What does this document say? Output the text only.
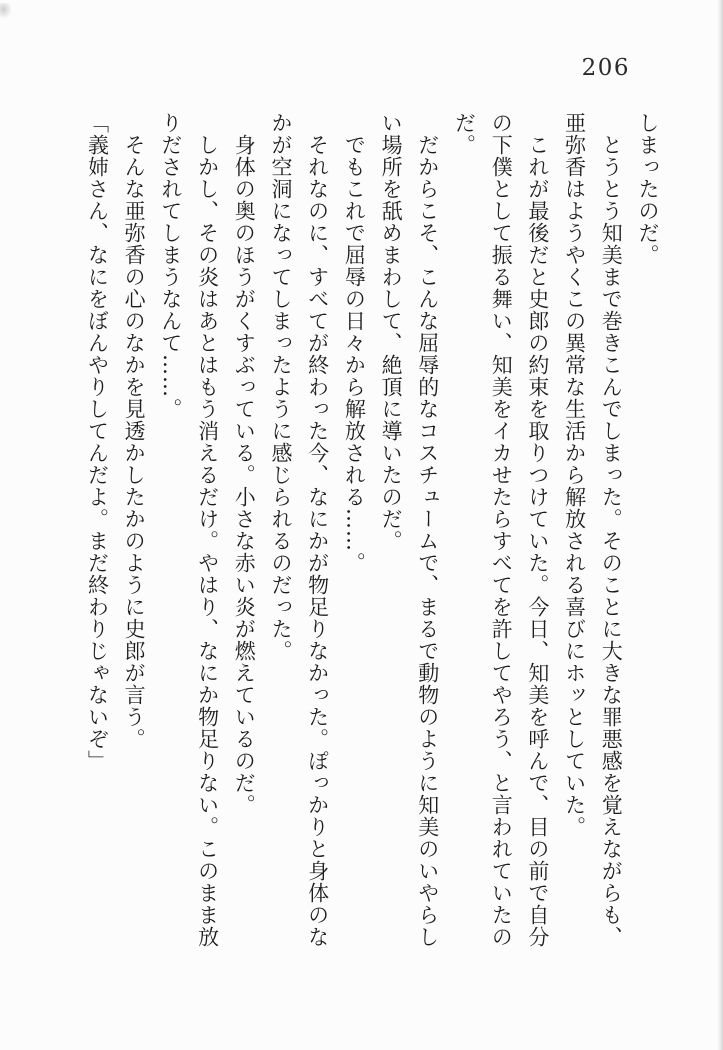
206
しまったのだ。
とうとう知美まで巻きこんでしまった。そのことに大きな罪悪感を覚えながらも、
亜弥香はようやくこの異常な生活から解放される喜びにホッとしていた。
これが最後だと史郎の約束を取りつけていた。今日、知美を呼んで、目の前で自分
の下僕として振る舞い、知美をイカせたらすべてを許してやろう、と言われていたの
だ。
だからこそ、こんな屈辱的なコスチュームで、まるで動物のように知美のいやらし
い場所を舐めまわして、絶頂に導いたのだ。
でもこれで屈辱の日々から解放される……。
それなのに、すべてが終わった今、なにかが物足りなかった。ぽっかりと身体のな
かが空洞になってしまったように感じられるのだった。
身体の奥のほうがくすぶっている。小さな赤い炎が燃えているのだ。
しかし、その炎はあとはもう消えるだけ。やはり、なにか物足りない。このまま放
りだされてしまうなんて……。
そんな亜弥香の心のなかを見透かしたかのように史郎が言う。
「義姉さん、なにをぼんやりしてんだよ。まだ終わりじゃないぞ」
